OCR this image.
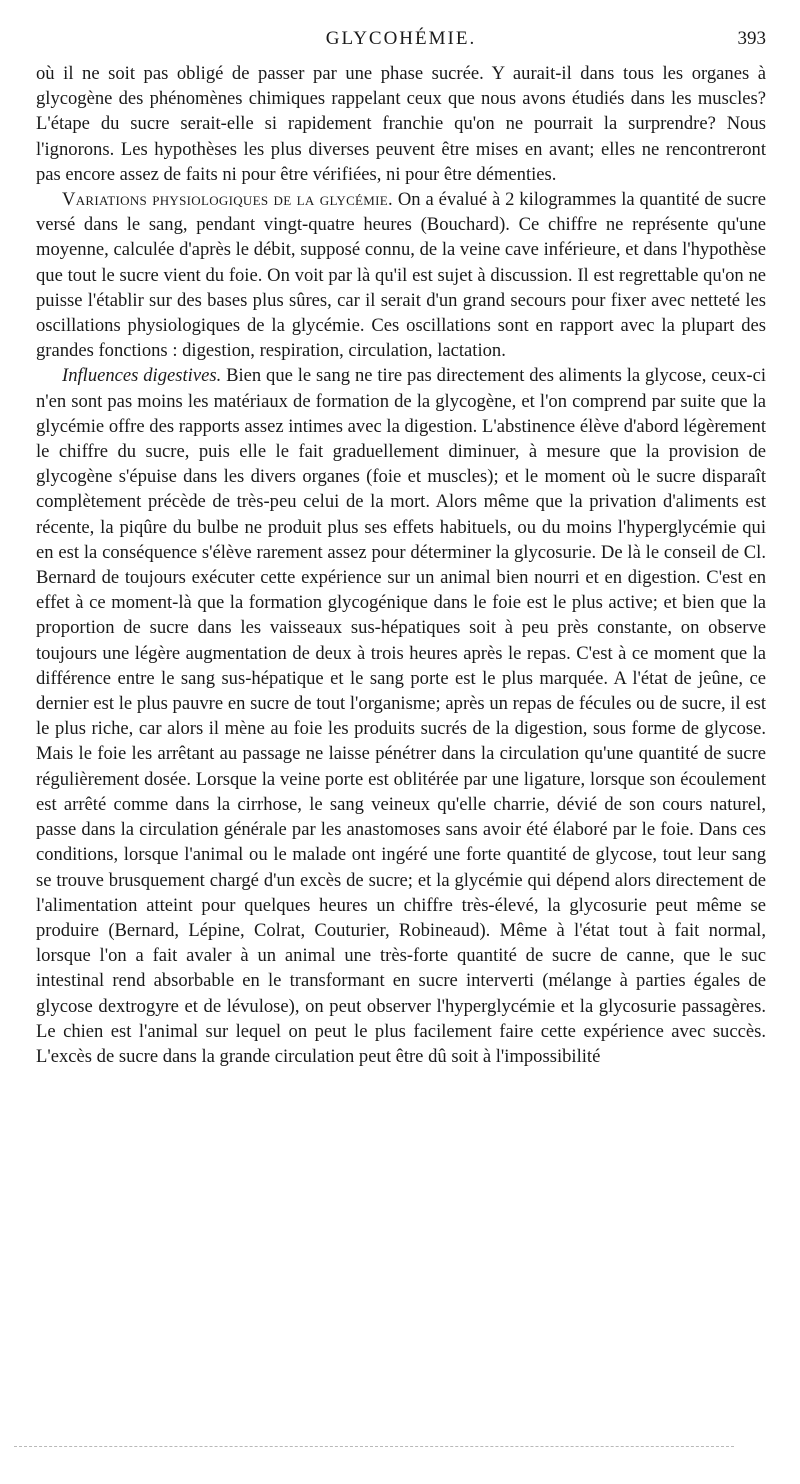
GLYCOHÉMIE.	393

où il ne soit pas obligé de passer par une phase sucrée. Y aurait-il dans tous les organes à glycogène des phénomènes chimiques rappelant ceux que nous avons étudiés dans les muscles? L'étape du sucre serait-elle si rapidement franchie qu'on ne pourrait la surprendre? Nous l'ignorons. Les hypothèses les plus diverses peuvent être mises en avant; elles ne rencontreront pas encore assez de faits ni pour être vérifiées, ni pour être démenties.

Variations physiologiques de la glycémie. On a évalué à 2 kilogrammes la quantité de sucre versé dans le sang, pendant vingt-quatre heures (Bouchard). Ce chiffre ne représente qu'une moyenne, calculée d'après le débit, supposé connu, de la veine cave inférieure, et dans l'hypothèse que tout le sucre vient du foie. On voit par là qu'il est sujet à discussion. Il est regrettable qu'on ne puisse l'établir sur des bases plus sûres, car il serait d'un grand secours pour fixer avec netteté les oscillations physiologiques de la glycémie. Ces oscillations sont en rapport avec la plupart des grandes fonctions : digestion, respiration, circulation, lactation.

Influences digestives. Bien que le sang ne tire pas directement des aliments la glycose, ceux-ci n'en sont pas moins les matériaux de formation de la glycogène, et l'on comprend par suite que la glycémie offre des rapports assez intimes avec la digestion. L'abstinence élève d'abord légèrement le chiffre du sucre, puis elle le fait graduellement diminuer, à mesure que la provision de glycogène s'épuise dans les divers organes (foie et muscles); et le moment où le sucre disparaît complètement précède de très-peu celui de la mort. Alors même que la privation d'aliments est récente, la piqûre du bulbe ne produit plus ses effets habituels, ou du moins l'hyperglycémie qui en est la conséquence s'élève rarement assez pour déterminer la glycosurie. De là le conseil de Cl. Bernard de toujours exécuter cette expérience sur un animal bien nourri et en digestion. C'est en effet à ce moment-là que la formation glycogénique dans le foie est le plus active; et bien que la proportion de sucre dans les vaisseaux sus-hépatiques soit à peu près constante, on observe toujours une légère augmentation de deux à trois heures après le repas. C'est à ce moment que la différence entre le sang sus-hépatique et le sang porte est le plus marquée. A l'état de jeûne, ce dernier est le plus pauvre en sucre de tout l'organisme; après un repas de fécules ou de sucre, il est le plus riche, car alors il mène au foie les produits sucrés de la digestion, sous forme de glycose. Mais le foie les arrêtant au passage ne laisse pénétrer dans la circulation qu'une quantité de sucre régulièrement dosée. Lorsque la veine porte est oblitérée par une ligature, lorsque son écoulement est arrêté comme dans la cirrhose, le sang veineux qu'elle charrie, dévié de son cours naturel, passe dans la circulation générale par les anastomoses sans avoir été élaboré par le foie. Dans ces conditions, lorsque l'animal ou le malade ont ingéré une forte quantité de glycose, tout leur sang se trouve brusquement chargé d'un excès de sucre; et la glycémie qui dépend alors directement de l'alimentation atteint pour quelques heures un chiffre très-élevé, la glycosurie peut même se produire (Bernard, Lépine, Colrat, Couturier, Robineaud). Même à l'état tout à fait normal, lorsque l'on a fait avaler à un animal une très-forte quantité de sucre de canne, que le suc intestinal rend absorbable en le transformant en sucre interverti (mélange à parties égales de glycose dextrogyre et de lévulose), on peut observer l'hyperglycémie et la glycosurie passagères. Le chien est l'animal sur lequel on peut le plus facilement faire cette expérience avec succès. L'excès de sucre dans la grande circulation peut être dû soit à l'impossibilité
